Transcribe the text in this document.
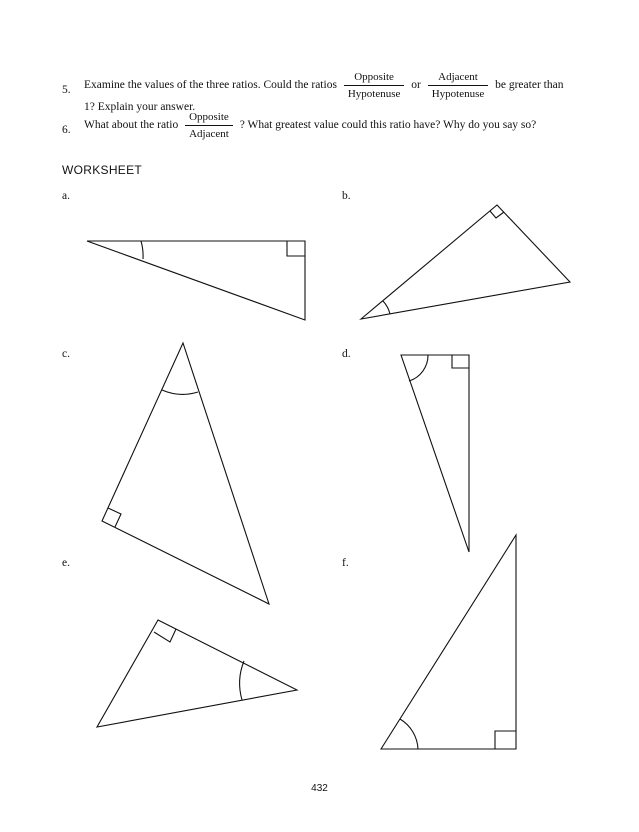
5. Examine the values of the three ratios. Could the ratios $\frac{\text{Opposite}}{\text{Hypotenuse}}$ or $\frac{\text{Adjacent}}{\text{Hypotenuse}}$ be greater than
1? Explain your answer.
6. What about the ratio $\frac{\text{Opposite}}{\text{Adjacent}}$ ? What greatest value could this ratio have? Why do you say so?
WORKSHEET
a.	b.
c.	d.
e.	f.
432
